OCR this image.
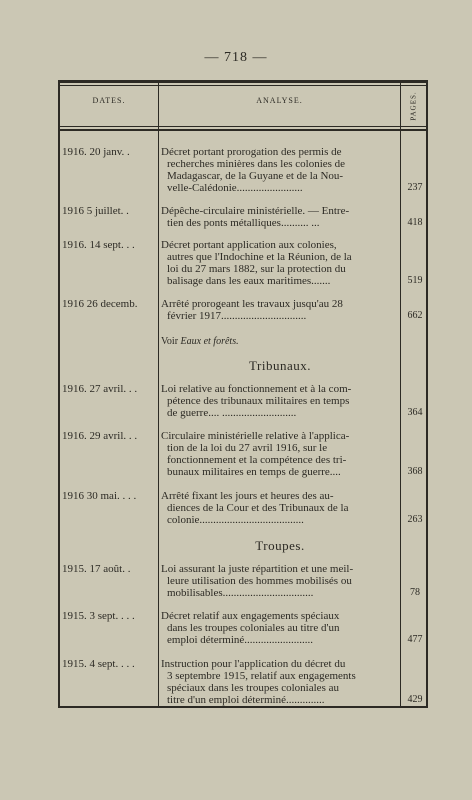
— 718 —
DATES.	ANALYSE.	PAGES.
1916. 20 janv. .	Décret portant prorogation des permis de
recherches minières dans les colonies de
Madagascar, de la Guyane et de la Nou-
velle-Calédonie........................	237
1916 5 juillet. .	Dépêche-circulaire ministérielle. — Entre-
tien des ponts métalliques.......... ...	418
1916. 14 sept. . .	Décret portant application aux colonies,
autres que l'Indochine et la Réunion, de la
loi du 27 mars 1882, sur la protection du
balisage dans les eaux maritimes.......	519
1916 26 decemb.	Arrêté prorogeant les travaux jusqu'au 28
février 1917...............................	662
Voir Eaux et forêts.
Tribunaux.
1916. 27 avril. . .	Loi relative au fonctionnement et à la com-
pétence des tribunaux militaires en temps
de guerre.... ...........................	364
1916. 29 avril. . .	Circulaire ministérielle relative à l'applica-
tion de la loi du 27 avril 1916, sur le
fonctionnement et la compétence des tri-
bunaux militaires en temps de guerre....	368
1916 30 mai. . . .	Arrêté fixant les jours et heures des au-
diences de la Cour et des Tribunaux de la
colonie......................................	263
Troupes.
1915. 17 août. .	Loi assurant la juste répartition et une meil-
leure utilisation des hommes mobilisés ou
mobilisables.................................	78
1915. 3 sept. . . .	Décret relatif aux engagements spéciaux
dans les troupes coloniales au titre d'un
emploi déterminé.........................	477
1915. 4 sept. . . .	Instruction pour l'application du décret du
3 septembre 1915, relatif aux engagements
spéciaux dans les troupes coloniales au
titre d'un emploi déterminé..............	429
